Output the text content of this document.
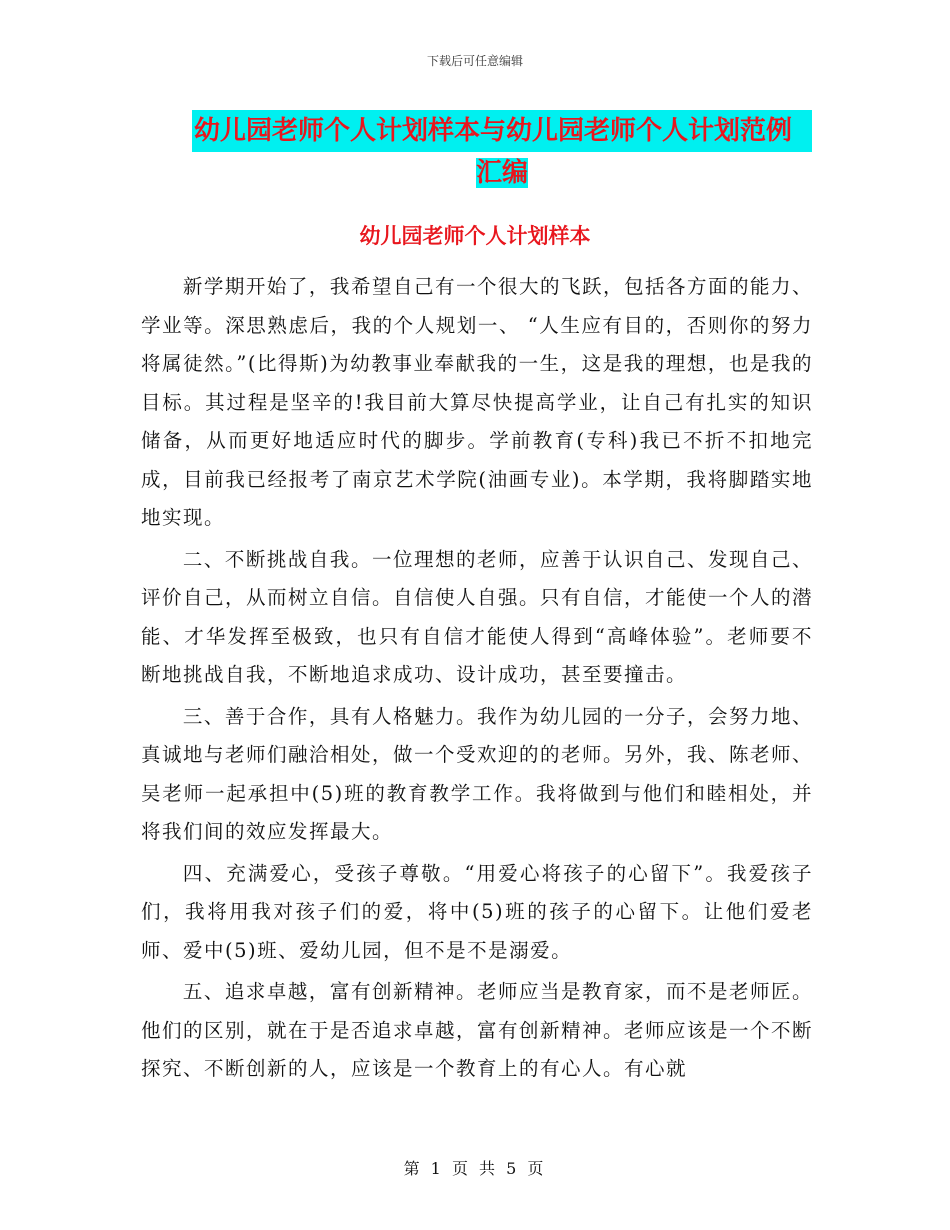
下载后可任意编辑
幼儿园老师个人计划样本与幼儿园老师个人计划范例
汇编
幼儿园老师个人计划样本

新学期开始了，我希望自己有一个很大的飞跃，包括各方面的能力、学业等。深思熟虑后，我的个人规划一、 “人生应有目的，否则你的努力将属徒然。”(比得斯)为幼教事业奉献我的一生，这是我的理想，也是我的目标。其过程是坚辛的!我目前大算尽快提高学业，让自己有扎实的知识储备，从而更好地适应时代的脚步。学前教育(专科)我已不折不扣地完成，目前我已经报考了南京艺术学院(油画专业)。本学期，我将脚踏实地地实现。

二、不断挑战自我。一位理想的老师，应善于认识自己、发现自己、评价自己，从而树立自信。自信使人自强。只有自信，才能使一个人的潜能、才华发挥至极致，也只有自信才能使人得到“高峰体验”。老师要不断地挑战自我，不断地追求成功、设计成功，甚至要撞击。

三、善于合作，具有人格魅力。我作为幼儿园的一分子，会努力地、真诚地与老师们融洽相处，做一个受欢迎的的老师。另外，我、陈老师、吴老师一起承担中(5)班的教育教学工作。我将做到与他们和睦相处，并将我们间的效应发挥最大。

四、充满爱心，受孩子尊敬。“用爱心将孩子的心留下”。我爱孩子们，我将用我对孩子们的爱，将中(5)班的孩子的心留下。让他们爱老师、爱中(5)班、爱幼儿园，但不是不是溺爱。

五、追求卓越，富有创新精神。老师应当是教育家，而不是老师匠。他们的区别，就在于是否追求卓越，富有创新精神。老师应该是一个不断探究、不断创新的人，应该是一个教育上的有心人。有心就

第 1 页 共 5 页
